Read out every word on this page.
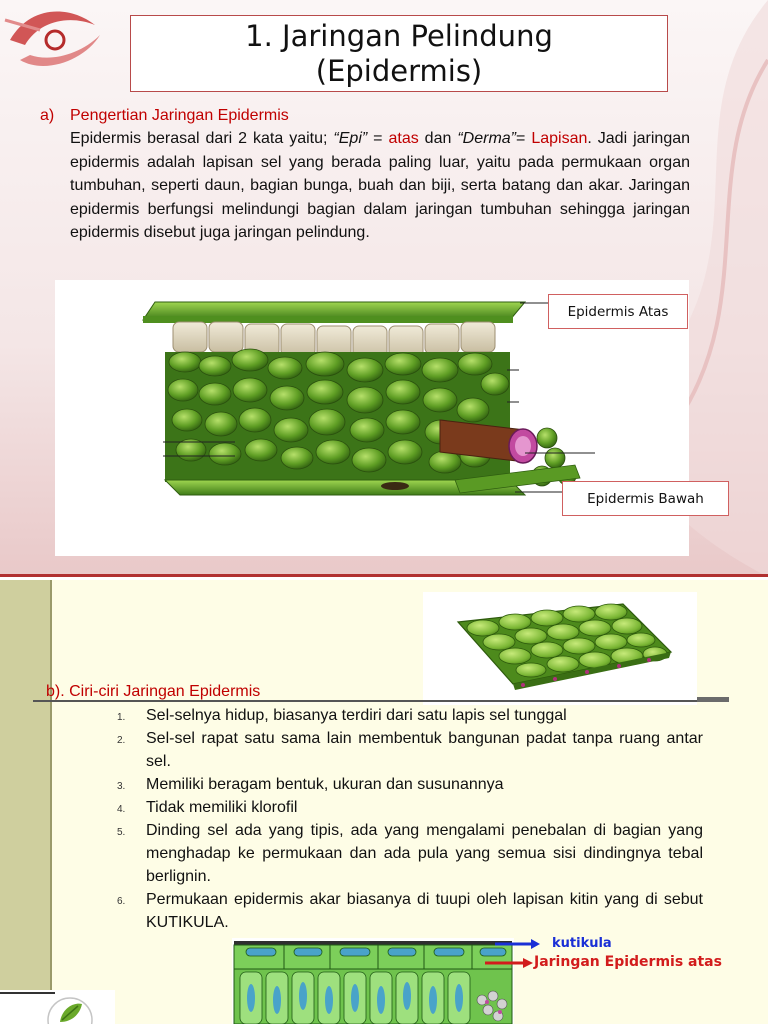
1. Jaringan Pelindung
(Epidermis)
a) Pengertian Jaringan Epidermis

Epidermis berasal dari 2 kata yaitu; “Epi” = atas dan “Derma”= Lapisan. Jadi jaringan epidermis adalah lapisan sel yang berada paling luar, yaitu pada permukaan organ tumbuhan, seperti daun, bagian bunga, buah dan biji, serta batang dan akar. Jaringan epidermis berfungsi melindungi bagian dalam jaringan tumbuhan sehingga jaringan epidermis disebut juga jaringan pelindung.

Epidermis Atas
Epidermis Bawah
b). Ciri-ciri Jaringan Epidermis
1. Sel-selnya hidup, biasanya terdiri dari satu lapis sel tunggal
2. Sel-sel rapat satu sama lain membentuk bangunan padat tanpa ruang antar sel.
3. Memiliki beragam bentuk, ukuran dan susunannya
4. Tidak memiliki klorofil
5. Dinding sel ada yang tipis, ada yang mengalami penebalan di bagian yang menghadap ke permukaan dan ada pula yang semua sisi dindingnya tebal berlignin.
6. Permukaan epidermis akar biasanya di tuupi oleh lapisan kitin yang di sebut KUTIKULA.
kutikula
Jaringan Epidermis atas
